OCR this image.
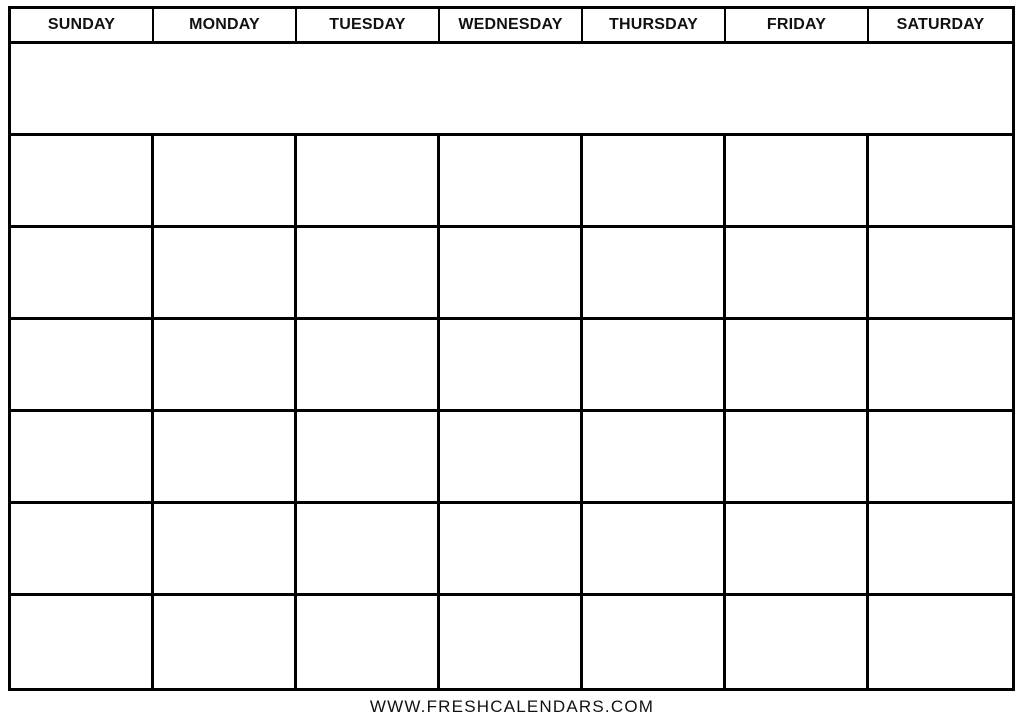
SUNDAY	MONDAY	TUESDAY	WEDNESDAY	THURSDAY	FRIDAY	SATURDAY
WWW.FRESHCALENDARS.COM
